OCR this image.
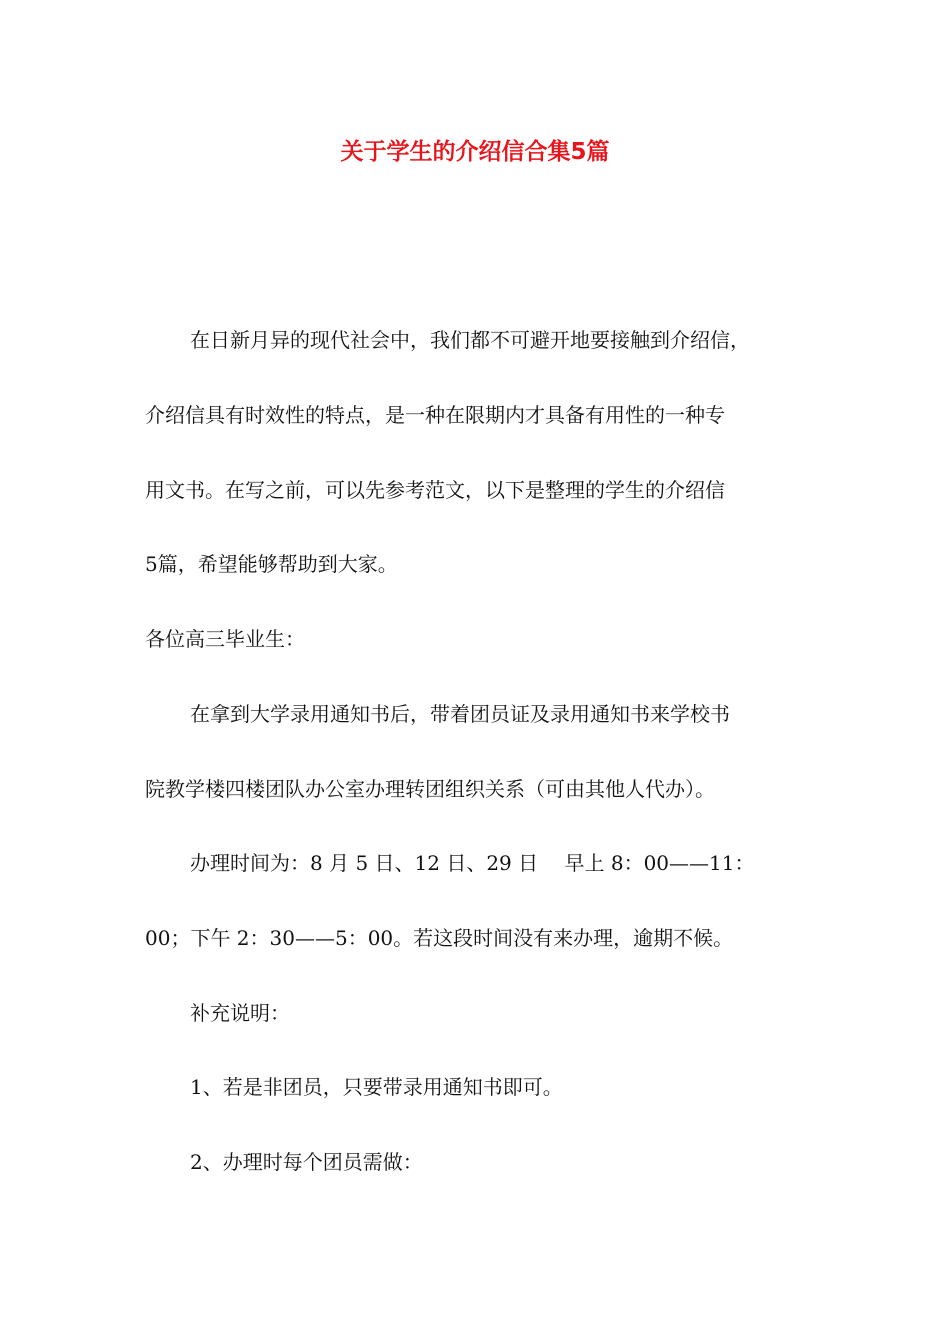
关于学生的介绍信合集5篇

在日新月异的现代社会中，我们都不可避开地要接触到介绍信，

介绍信具有时效性的特点，是一种在限期内才具备有用性的一种专

用文书。在写之前，可以先参考范文，以下是整理的学生的介绍信

5篇，希望能够帮助到大家。

各位高三毕业生：

在拿到大学录用通知书后，带着团员证及录用通知书来学校书

院教学楼四楼团队办公室办理转团组织关系（可由其他人代办）。

办理时间为：8 月 5 日、12 日、29 日　 早上 8：00——11：

00；下午 2：30——5：00。若这段时间没有来办理，逾期不候。

补充说明：

1、若是非团员，只要带录用通知书即可。

2、办理时每个团员需做：
